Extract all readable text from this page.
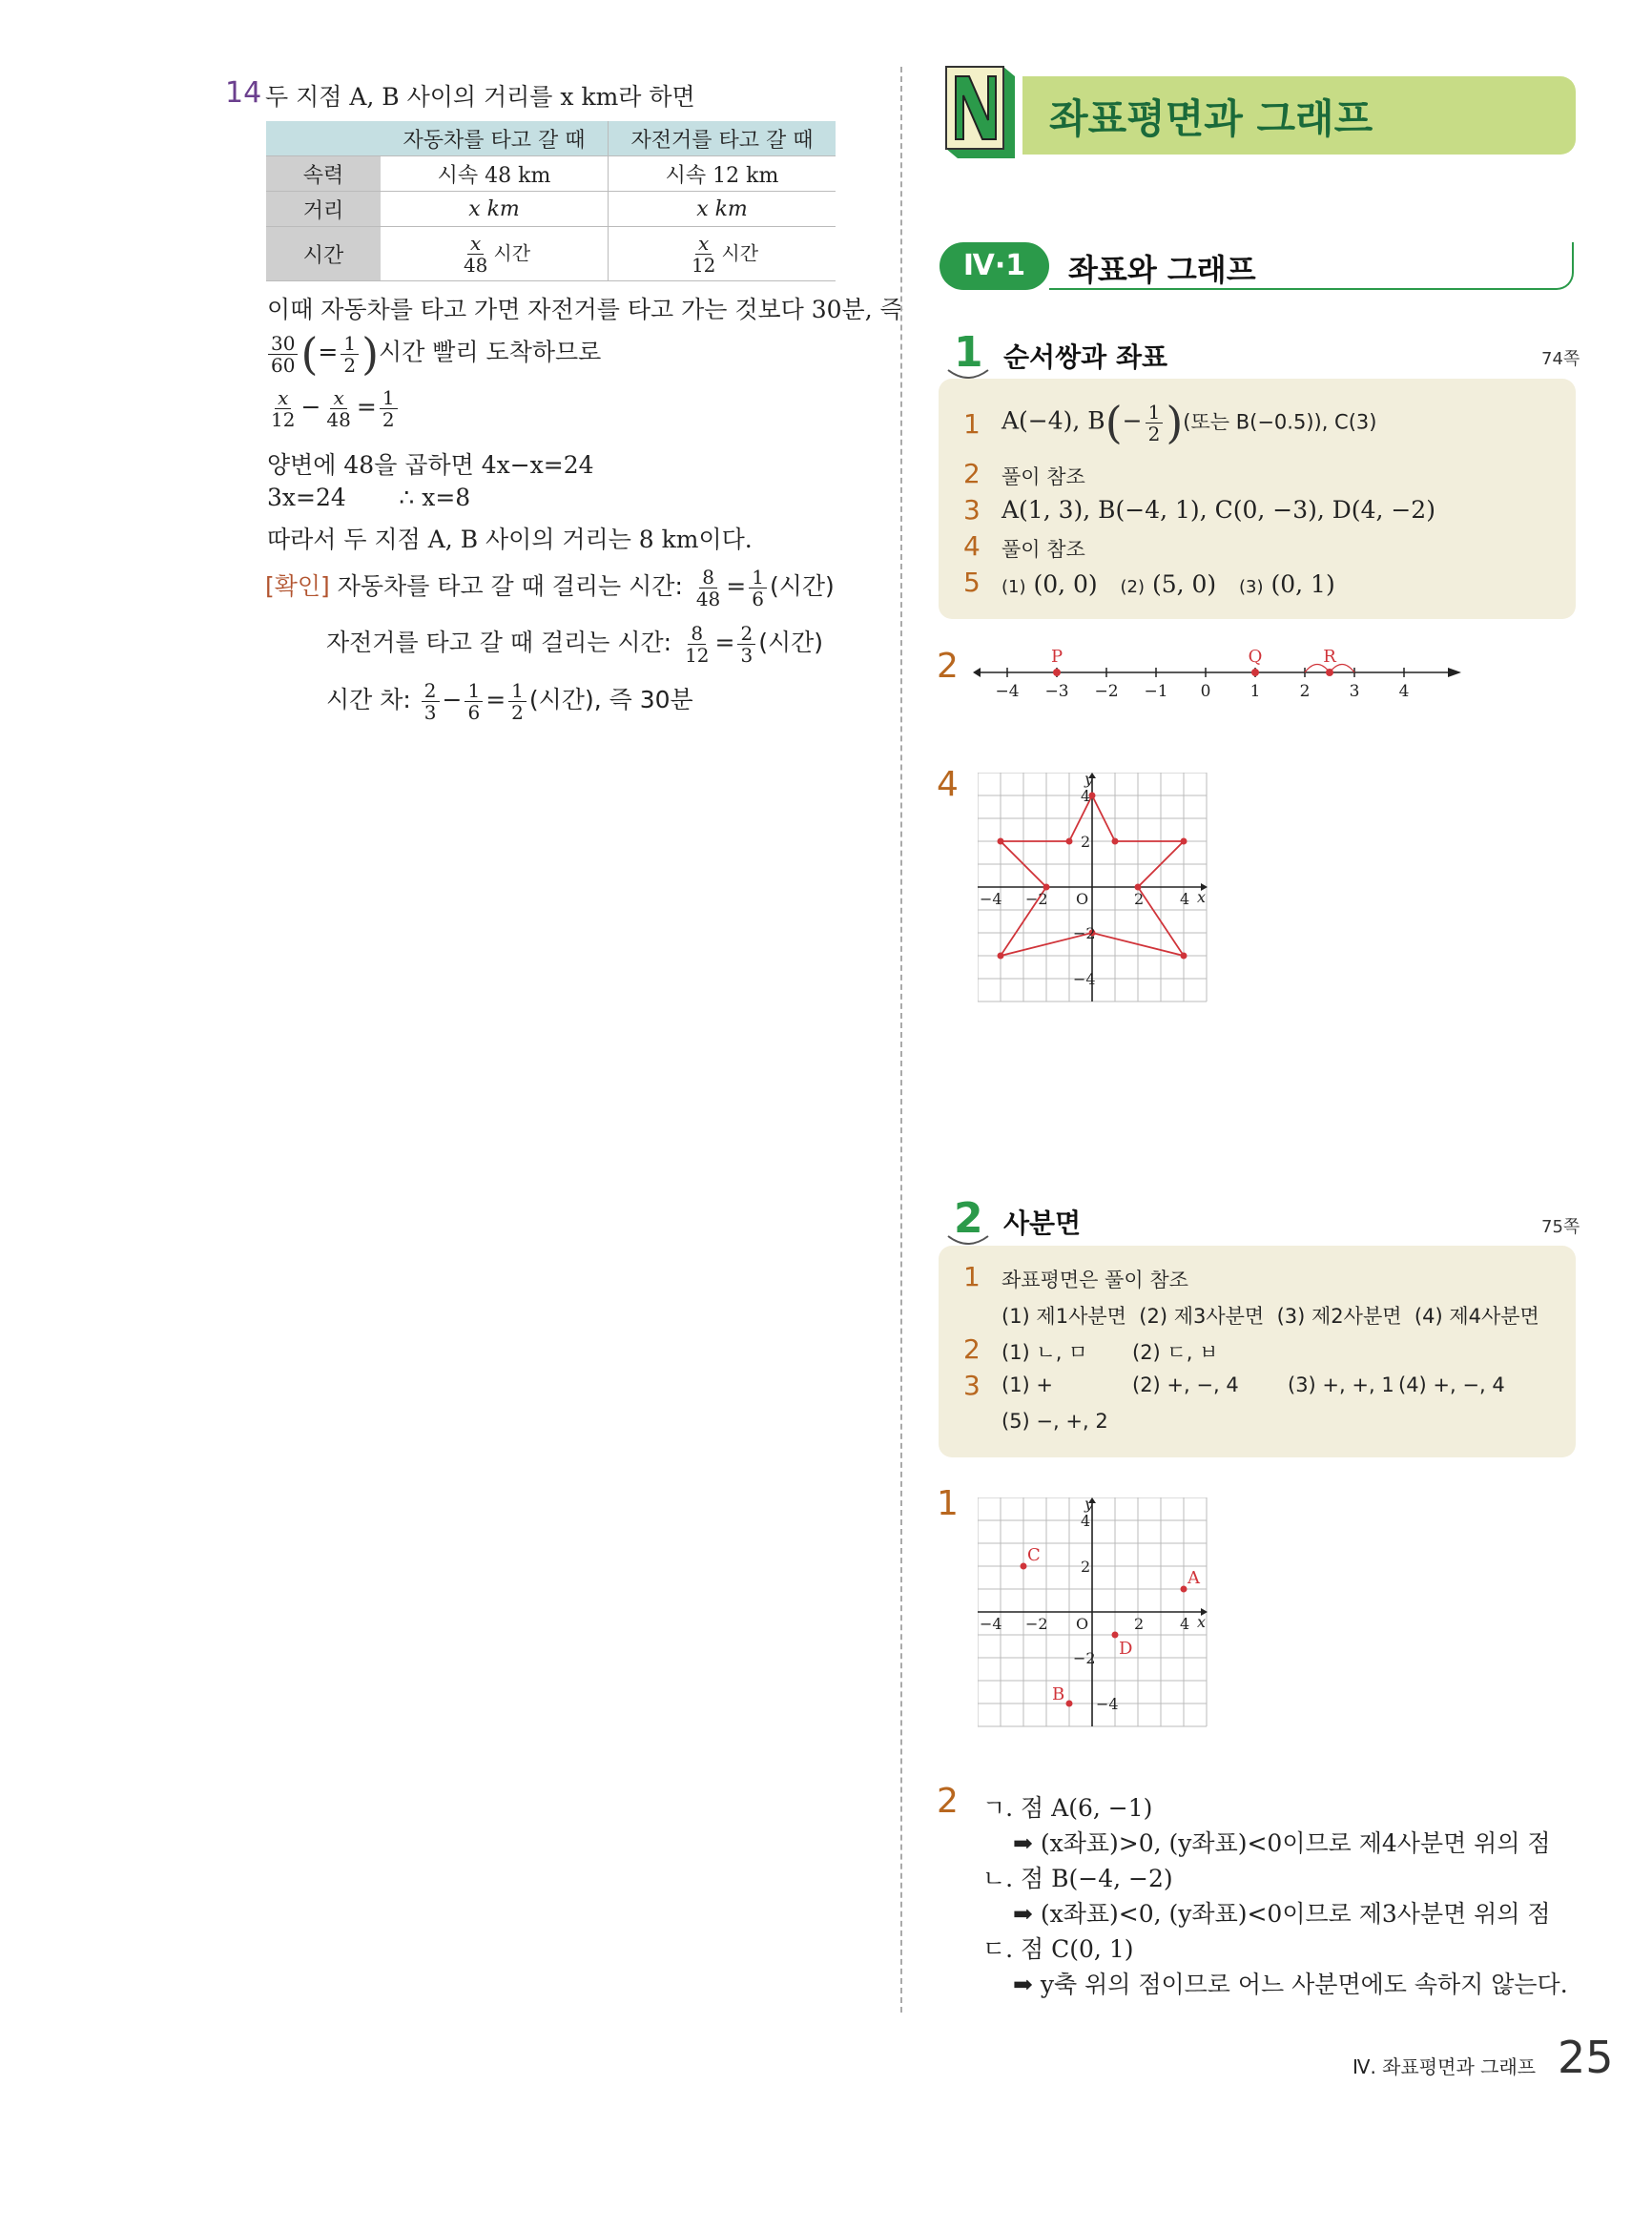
14 두 지점 A, B 사이의 거리를 x km라 하면
	자동차를 타고 갈 때	자전거를 타고 갈 때
속력	시속 48 km	시속 12 km
거리	x km	x km
시간	$\frac{x}{48}$ 시간	$\frac{x}{12}$ 시간
이때 자동차를 타고 가면 자전거를 타고 가는 것보다 30분, 즉
$\frac{30}{60}$ (= $\frac{1}{2}$ )시간 빨리 도착하므로
$\frac{x}{12} - \frac{x}{48} = \frac{1}{2}$
양변에 48을 곱하면 4x−x=24
3x=24       ∴ x=8
따라서 두 지점 A, B 사이의 거리는 8 km이다.
[확인] 자동차를 타고 갈 때 걸리는 시간: $\frac{8}{48} = \frac{1}{6}$ (시간)
자전거를 타고 갈 때 걸리는 시간: $\frac{8}{12} = \frac{2}{3}$ (시간)
시간 차: $\frac{2}{3} - \frac{1}{6} = \frac{1}{2}$ (시간), 즉 30분
좌표평면과 그래프
Ⅳ·1	좌표와 그래프
1 순서쌍과 좌표	74쪽
1 A(−4), $B(- \frac{1}{2}$ )(또는 B(−0.5)), C(3)
2 풀이 참조
3 A(1, 3), B(−4, 1), C(0, −3), D(4, −2)
4 풀이 참조
5 (1) (0, 0) (2) (5, 0) (3) (0, 1)
2
−4 −3 −2 −1 0 1 2 3 4
P	Q	R
4
−4 −2 O	2 4
4
2
−2
−4
x
y
2 사분면	75쪽
1 좌표평면은 풀이 참조
(1) 제1사분면 (2) 제3사분면 (3) 제2사분면 (4) 제4사분면
2 (1) ㄴ, ㅁ (2) ㄷ, ㅂ
3 (1) +	(2) +, −, 4 (3) +, +, 1 (4) +, −, 4
(5) −, +, 2
1
A
B
C
D
−4 −2 O	2 4
4
2
−2
−4
x
y
2 ㄱ. 점 A(6, −1)
➡ (x좌표)>0, (y좌표)<0이므로 제4사분면 위의 점
ㄴ. 점 B(−4, −2)
➡ (x좌표)<0, (y좌표)<0이므로 제3사분면 위의 점
ㄷ. 점 C(0, 1)
➡ y축 위의 점이므로 어느 사분면에도 속하지 않는다.
Ⅳ. 좌표평면과 그래프 25
